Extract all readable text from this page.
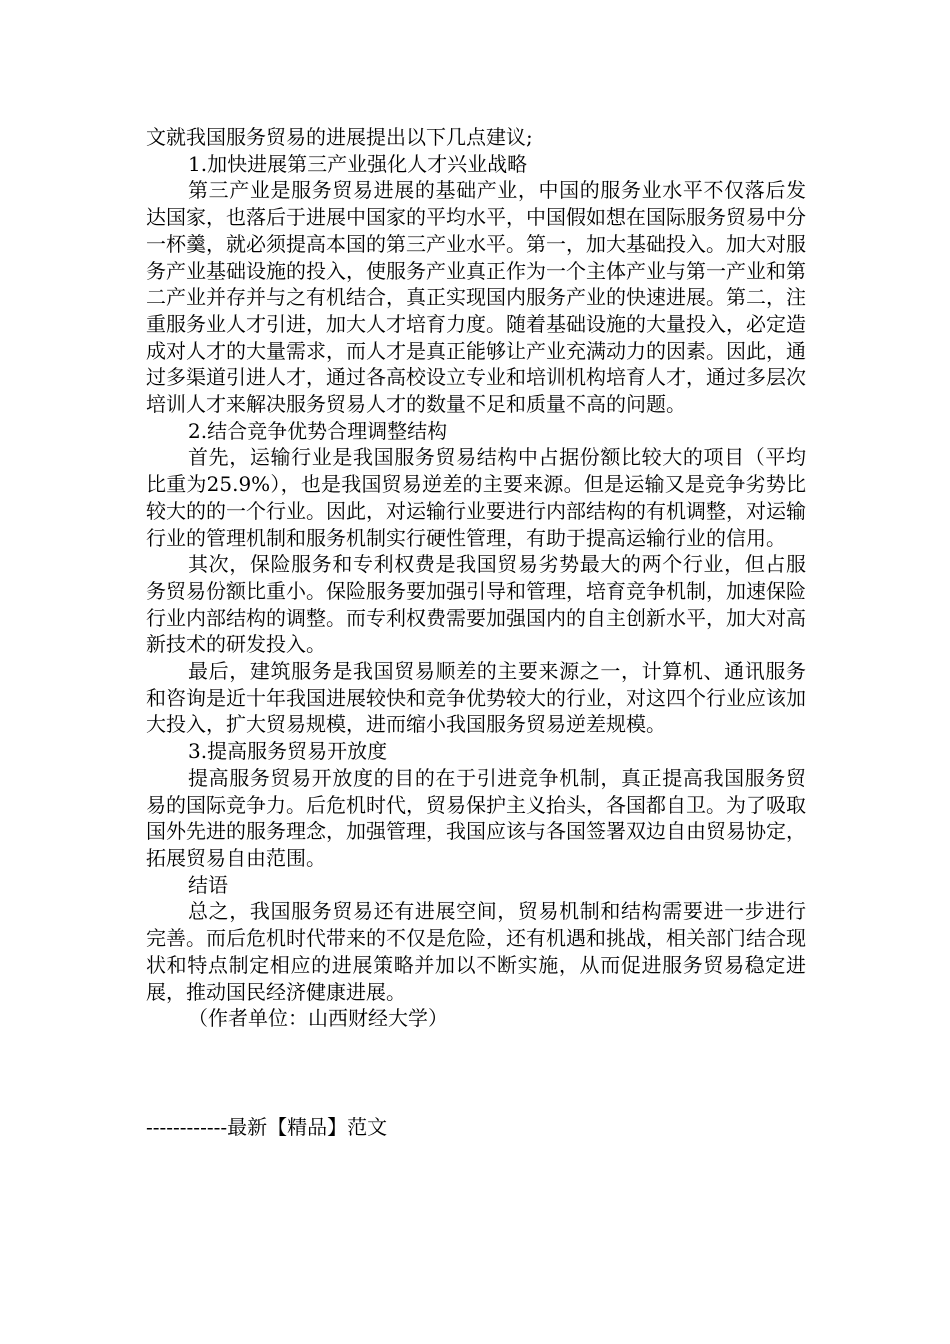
文就我国服务贸易的进展提出以下几点建议;

1.加快进展第三产业强化人才兴业战略

第三产业是服务贸易进展的基础产业，中国的服务业水平不仅落后发达国家，也落后于进展中国家的平均水平，中国假如想在国际服务贸易中分一杯羹，就必须提高本国的第三产业水平。第一，加大基础投入。加大对服务产业基础设施的投入，使服务产业真正作为一个主体产业与第一产业和第二产业并存并与之有机结合，真正实现国内服务产业的快速进展。第二，注重服务业人才引进，加大人才培育力度。随着基础设施的大量投入，必定造成对人才的大量需求，而人才是真正能够让产业充满动力的因素。因此，通过多渠道引进人才，通过各高校设立专业和培训机构培育人才，通过多层次培训人才来解决服务贸易人才的数量不足和质量不高的问题。

2.结合竞争优势合理调整结构

首先，运输行业是我国服务贸易结构中占据份额比较大的项目（平均比重为25.9%），也是我国贸易逆差的主要来源。但是运输又是竞争劣势比较大的的一个行业。因此，对运输行业要进行内部结构的有机调整，对运输行业的管理机制和服务机制实行硬性管理，有助于提高运输行业的信用。

其次，保险服务和专利权费是我国贸易劣势最大的两个行业，但占服务贸易份额比重小。保险服务要加强引导和管理，培育竞争机制，加速保险行业内部结构的调整。而专利权费需要加强国内的自主创新水平，加大对高新技术的研发投入。

最后，建筑服务是我国贸易顺差的主要来源之一，计算机、通讯服务和咨询是近十年我国进展较快和竞争优势较大的行业，对这四个行业应该加大投入，扩大贸易规模，进而缩小我国服务贸易逆差规模。

3.提高服务贸易开放度

提高服务贸易开放度的目的在于引进竞争机制，真正提高我国服务贸易的国际竞争力。后危机时代，贸易保护主义抬头，各国都自卫。为了吸取国外先进的服务理念，加强管理，我国应该与各国签署双边自由贸易协定，拓展贸易自由范围。

结语

总之，我国服务贸易还有进展空间，贸易机制和结构需要进一步进行完善。而后危机时代带来的不仅是危险，还有机遇和挑战，相关部门结合现状和特点制定相应的进展策略并加以不断实施，从而促进服务贸易稳定进展，推动国民经济健康进展。

（作者单位：山西财经大学）

------------最新【精品】范文
